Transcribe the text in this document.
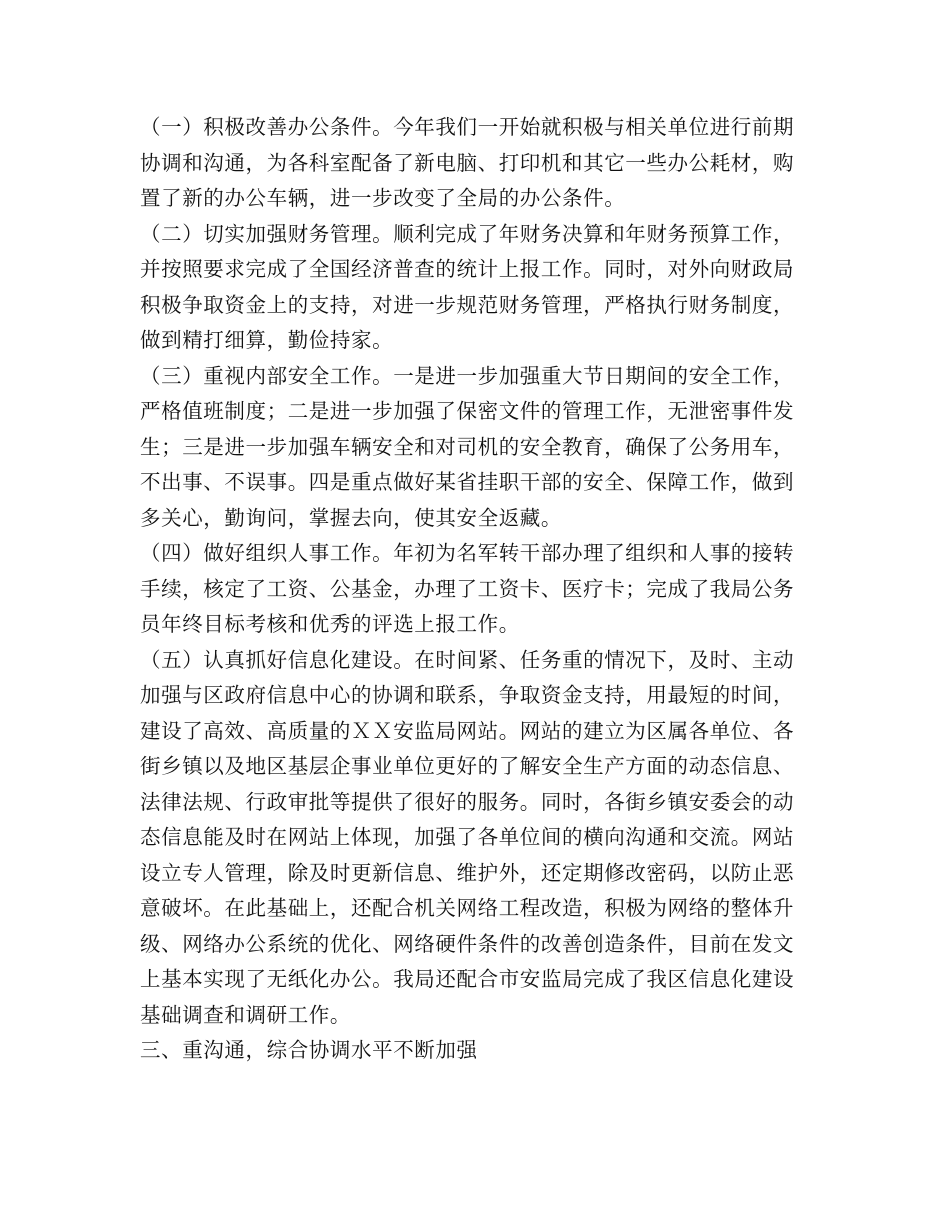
（一）积极改善办公条件。今年我们一开始就积极与相关单位进行前期
协调和沟通，为各科室配备了新电脑、打印机和其它一些办公耗材，购
置了新的办公车辆，进一步改变了全局的办公条件。
（二）切实加强财务管理。顺利完成了年财务决算和年财务预算工作，
并按照要求完成了全国经济普查的统计上报工作。同时，对外向财政局
积极争取资金上的支持，对进一步规范财务管理，严格执行财务制度，
做到精打细算，勤俭持家。
（三）重视内部安全工作。一是进一步加强重大节日期间的安全工作，
严格值班制度；二是进一步加强了保密文件的管理工作，无泄密事件发
生；三是进一步加强车辆安全和对司机的安全教育，确保了公务用车，
不出事、不误事。四是重点做好某省挂职干部的安全、保障工作，做到
多关心，勤询问，掌握去向，使其安全返藏。
（四）做好组织人事工作。年初为名军转干部办理了组织和人事的接转
手续，核定了工资、公基金，办理了工资卡、医疗卡；完成了我局公务
员年终目标考核和优秀的评选上报工作。
（五）认真抓好信息化建设。在时间紧、任务重的情况下，及时、主动
加强与区政府信息中心的协调和联系，争取资金支持，用最短的时间，
建设了高效、高质量的ＸＸ安监局网站。网站的建立为区属各单位、各
街乡镇以及地区基层企事业单位更好的了解安全生产方面的动态信息、
法律法规、行政审批等提供了很好的服务。同时，各街乡镇安委会的动
态信息能及时在网站上体现，加强了各单位间的横向沟通和交流。网站
设立专人管理，除及时更新信息、维护外，还定期修改密码，以防止恶
意破坏。在此基础上，还配合机关网络工程改造，积极为网络的整体升
级、网络办公系统的优化、网络硬件条件的改善创造条件，目前在发文
上基本实现了无纸化办公。我局还配合市安监局完成了我区信息化建设
基础调查和调研工作。
三、重沟通，综合协调水平不断加强
